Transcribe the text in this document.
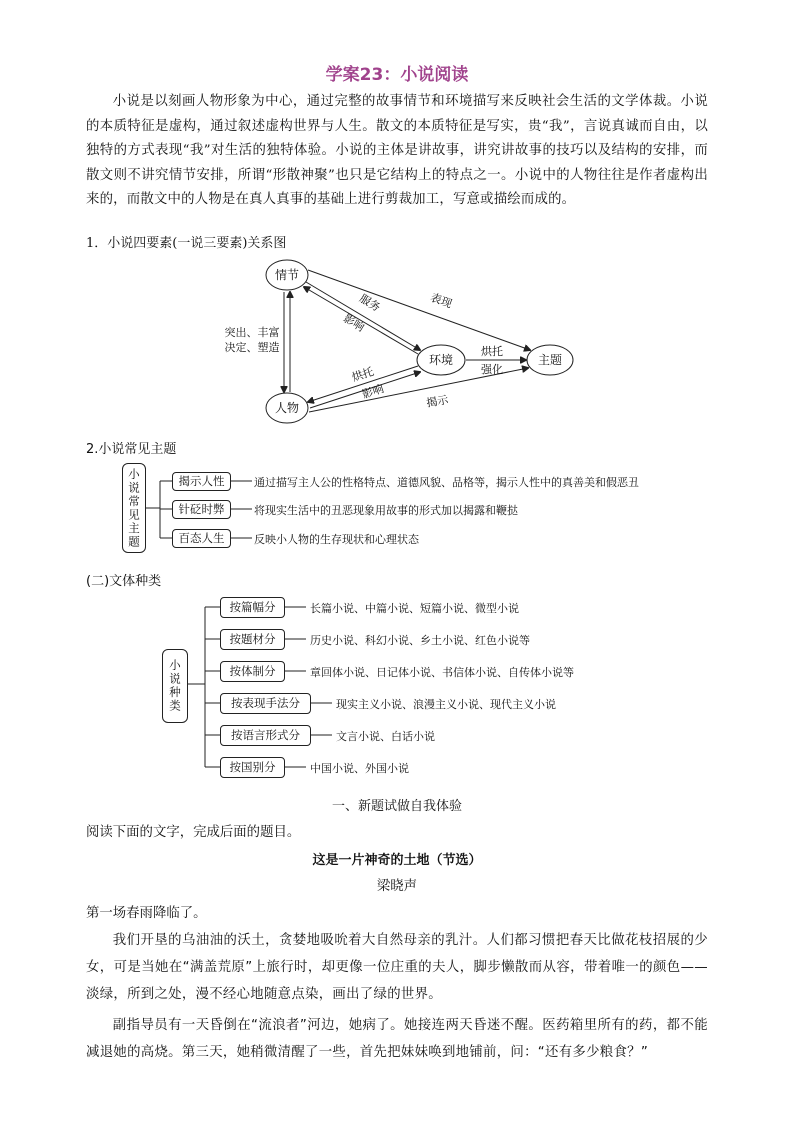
学案23：小说阅读
小说是以刻画人物形象为中心，通过完整的故事情节和环境描写来反映社会生活的文学体裁。小说的本质特征是虚构，通过叙述虚构世界与人生。散文的本质特征是写实，贵“我”，言说真诚而自由，以独特的方式表现“我”对生活的独特体验。小说的主体是讲故事，讲究讲故事的技巧以及结构的安排，而散文则不讲究情节安排，所谓“形散神聚”也只是它结构上的特点之一。小说中的人物往往是作者虚构出来的，而散文中的人物是在真人真事的基础上进行剪裁加工，写意或描绘而成的。
1．小说四要素(一说三要素)关系图
情节
人物
环境	主题
突出、丰富
决定、塑造
服务
影响
表现
烘托
影响
烘托
强化
揭示
2.小说常见主题
小说常见主题	揭示人性	通过描写主人公的性格特点、道德风貌、品格等，揭示人性中的真善美和假恶丑
针砭时弊	将现实生活中的丑恶现象用故事的形式加以揭露和鞭挞
百态人生	反映小人物的生存现状和心理状态
(二)文体种类
小说种类
按篇幅分	长篇小说、中篇小说、短篇小说、微型小说
按题材分	历史小说、科幻小说、乡土小说、红色小说等
按体制分	章回体小说、日记体小说、书信体小说、自传体小说等
按表现手法分	现实主义小说、浪漫主义小说、现代主义小说
按语言形式分	文言小说、白话小说
按国别分	中国小说、外国小说
一、新题试做自我体验
阅读下面的文字，完成后面的题目。
这是一片神奇的土地（节选）
梁晓声
第一场春雨降临了。
我们开垦的乌油油的沃土，贪婪地吸吮着大自然母亲的乳汁。人们都习惯把春天比做花枝招展的少女，可是当她在“满盖荒原”上旅行时，却更像一位庄重的夫人，脚步懒散而从容，带着唯一的颜色——淡绿，所到之处，漫不经心地随意点染，画出了绿的世界。
副指导员有一天昏倒在“流浪者”河边，她病了。她接连两天昏迷不醒。医药箱里所有的药，都不能减退她的高烧。第三天，她稍微清醒了一些，首先把妹妹唤到地铺前，问：“还有多少粮食？”
